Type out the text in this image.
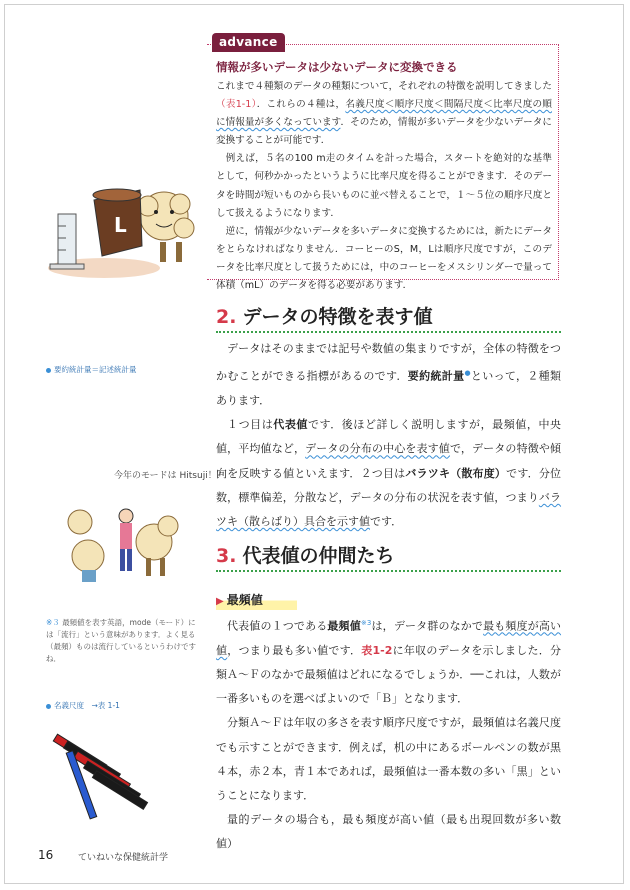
advance
情報が多いデータは少ないデータに変換できる

これまで４種類のデータの種類について，それぞれの特徴を説明してきました（表1-1）．これらの４種は，名義尺度＜順序尺度＜間隔尺度＜比率尺度の順に情報量が多くなっています．そのため，情報が多いデータを少ないデータに変換することが可能です．

例えば，５名の100 m走のタイムを計った場合，スタートを絶対的な基準として，何秒かかったというように比率尺度を得ることができます．そのデータを時間が短いものから長いものに並べ替えることで，１～５位の順序尺度として扱えるようになります．

逆に，情報が少ないデータを多いデータに変換するためには，新たにデータをとらなければなりません．コーヒーのS，M，Lは順序尺度ですが，このデータを比率尺度として扱うためには，中のコーヒーをメスシリンダーで量って体積（mL）のデータを得る必要があります．

L
2. データの特徴を表す値
要約統計量＝記述統計量

データはそのままでは記号や数値の集まりですが，全体の特徴をつかむことができる指標があるのです．要約統計量●といって，２種類あります．

１つ目は代表値です．後ほど詳しく説明しますが，最頻値，中央値，平均値など，データの分布の中心を表す値で，データの特徴や傾向を反映する値といえます．２つ目はバラツキ（散布度）です．分位数，標準偏差，分散など，データの分布の状況を表す値，つまりバラツキ（散らばり）具合を示す値です．

今年のモードは Hitsuji！？
3. 代表値の仲間たち
▶ 最頻値
※３ 最頻値を表す英語，mode（モード）には「流行」という意味があります．よく見る（最頻）ものは流行しているというわけですね．
名義尺度　→表 1-1

代表値の１つである最頻値$^{※3}$は，データ群のなかで最も頻度が高い値，つまり最も多い値です．表1-2に年収のデータを示しました．分類Ａ～Ｆのなかで最頻値はどれになるでしょうか．──これは，人数が一番多いものを選べばよいので「Ｂ」となります．

分類Ａ～Ｆは年収の多さを表す順序尺度ですが，最頻値は名義尺度でも示すことができます．例えば，机の中にあるボールペンの数が黒４本，赤２本，青１本であれば，最頻値は一番本数の多い「黒」ということになります．

量的データの場合も，最も頻度が高い値（最も出現回数が多い数値）

16	ていねいな保健統計学
